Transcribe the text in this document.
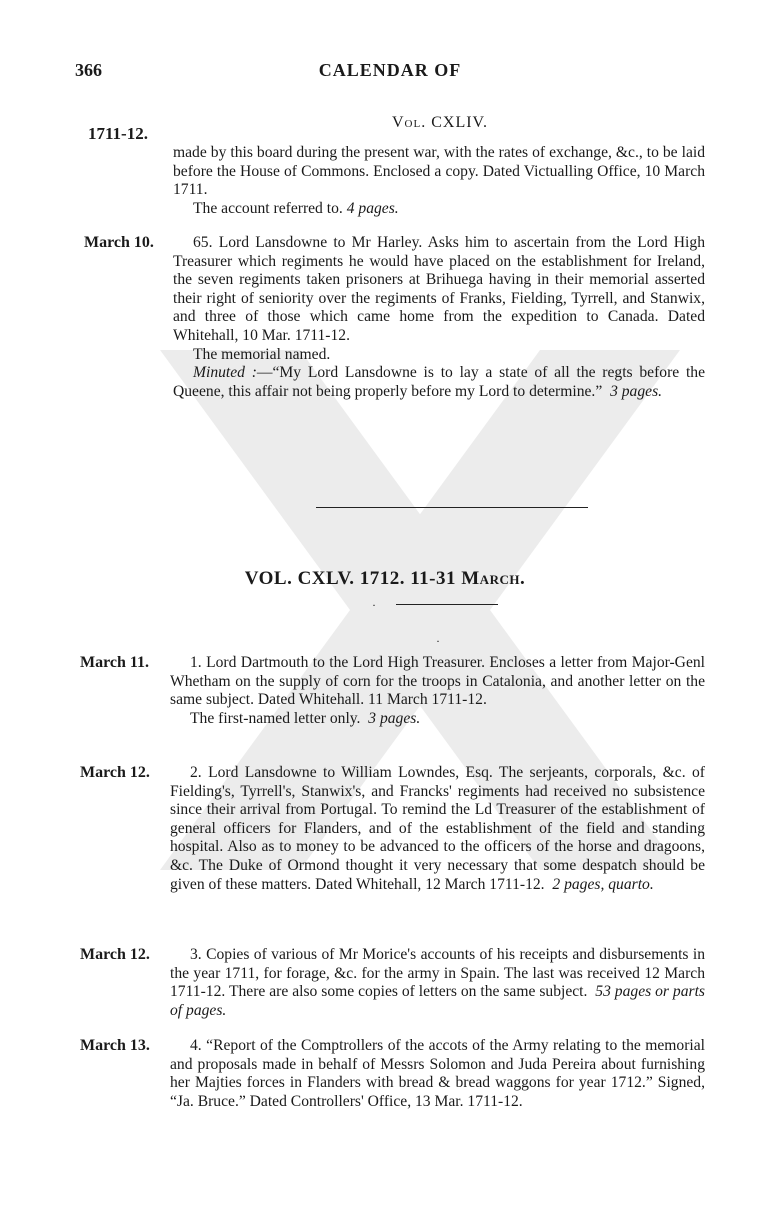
366	CALENDAR OF
Vol. CXLIV.
1711-12.

made by this board during the present war, with the rates of exchange, &c., to be laid before the House of Commons. Enclosed a copy. Dated Victualling Office, 10 March 1711.

The account referred to. 4 pages.

March 10.	65. Lord Lansdowne to Mr Harley. Asks him to ascertain from the Lord High Treasurer which regiments he would have placed on the establishment for Ireland, the seven regiments taken prisoners at Brihuega having in their memorial asserted their right of seniority over the regiments of Franks, Fielding, Tyrrell, and Stanwix, and three of those which came home from the expedition to Canada. Dated Whitehall, 10 Mar. 1711-12.

The memorial named.

Minuted :—“My Lord Lansdowne is to lay a state of all the regts before the Queene, this affair not being properly before my Lord to determine.” 3 pages.

VOL. CXLV. 1712. 11-31 March.
·
·
March 11.	1. Lord Dartmouth to the Lord High Treasurer. Encloses a letter from Major-Genl Whetham on the supply of corn for the troops in Catalonia, and another letter on the same subject. Dated Whitehall. 11 March 1711-12.

The first-named letter only. 3 pages.

March 12.	2. Lord Lansdowne to William Lowndes, Esq. The serjeants, corporals, &c. of Fielding's, Tyrrell's, Stanwix's, and Francks' regiments had received no subsistence since their arrival from Portugal. To remind the Ld Treasurer of the establishment of general officers for Flanders, and of the establishment of the field and standing hospital. Also as to money to be advanced to the officers of the horse and dragoons, &c. The Duke of Ormond thought it very necessary that some despatch should be given of these matters. Dated Whitehall, 12 March 1711-12. 2 pages, quarto.

March 12.	3. Copies of various of Mr Morice's accounts of his receipts and disbursements in the year 1711, for forage, &c. for the army in Spain. The last was received 12 March 1711-12. There are also some copies of letters on the same subject. 53 pages or parts of pages.

March 13.	4. “Report of the Comptrollers of the accots of the Army relating to the memorial and proposals made in behalf of Messrs Solomon and Juda Pereira about furnishing her Majties forces in Flanders with bread & bread waggons for year 1712.” Signed, “Ja. Bruce.” Dated Controllers' Office, 13 Mar. 1711-12.
